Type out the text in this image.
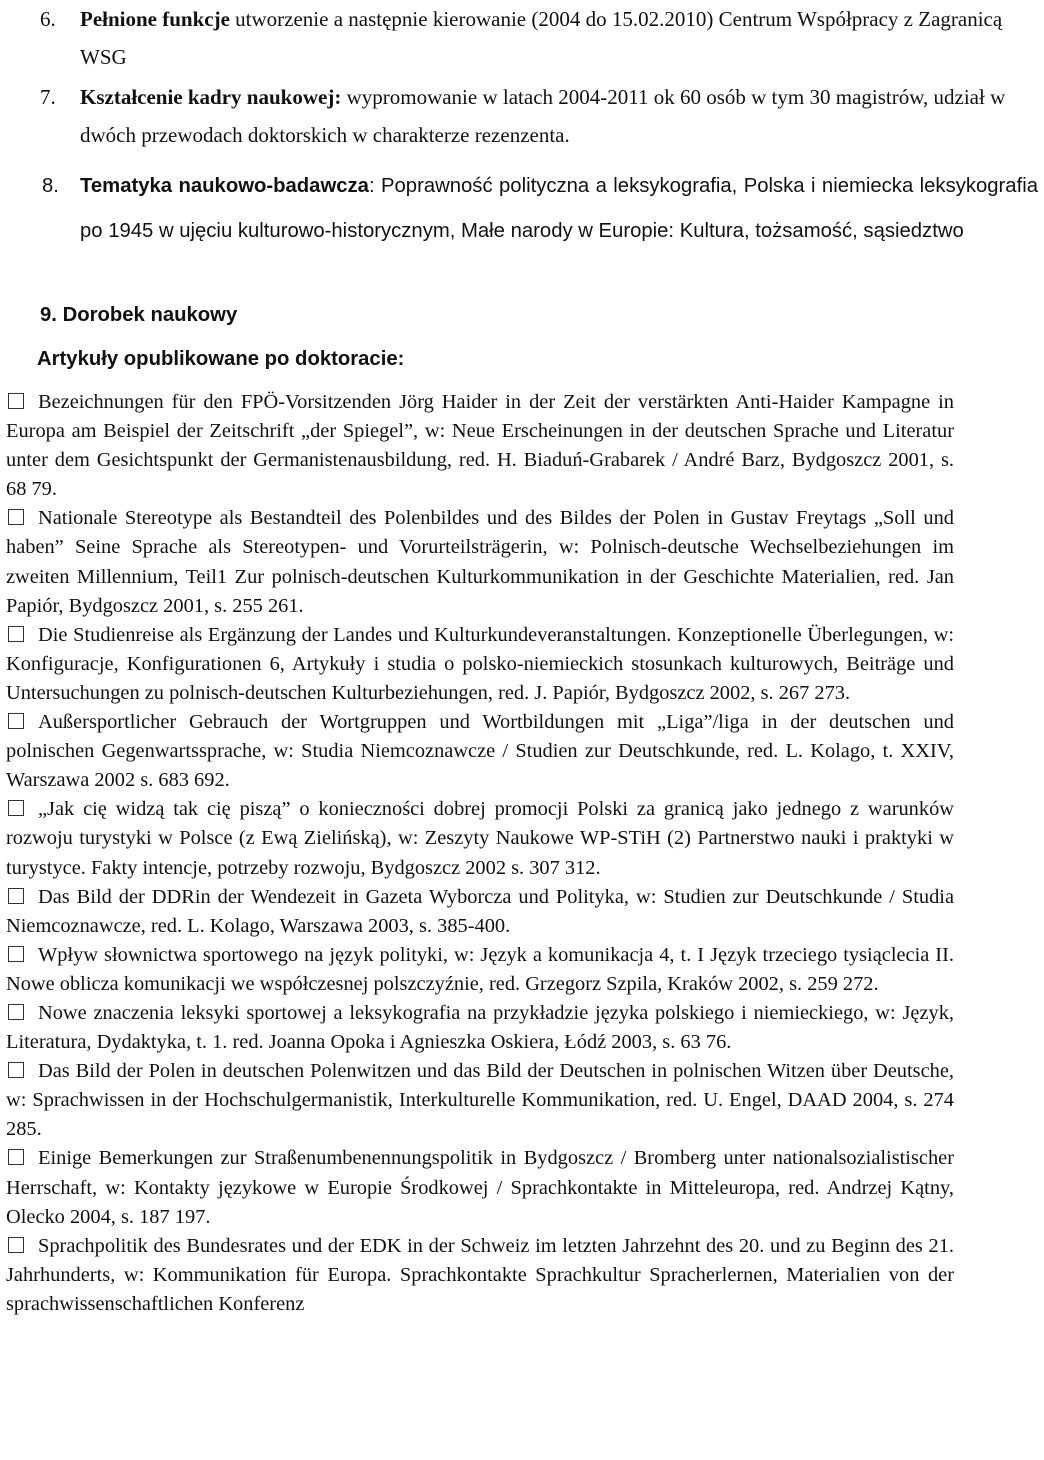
6. Pełnione funkcje utworzenie a następnie kierowanie (2004 do 15.02.2010) Centrum Współpracy z Zagranicą WSG
7. Kształcenie kadry naukowej: wypromowanie w latach 2004-2011 ok 60 osób w tym 30 magistrów, udział w dwóch przewodach doktorskich w charakterze rezenzenta.
8. Tematyka naukowo-badawcza: Poprawność polityczna a leksykografia, Polska i niemiecka leksykografia po 1945 w ujęciu kulturowo-historycznym, Małe narody w Europie: Kultura, tożsamość, sąsiedztwo
9. Dorobek naukowy
Artykuły opublikowane po doktoracie:

Bezeichnungen für den FPÖ-Vorsitzenden Jörg Haider in der Zeit der verstärkten Anti-Haider Kampagne in Europa am Beispiel der Zeitschrift „der Spiegel”, w: Neue Erscheinungen in der deutschen Sprache und Literatur unter dem Gesichtspunkt der Germanistenausbildung, red. H. Biaduń-Grabarek / André Barz, Bydgoszcz 2001, s. 68 79.

Nationale Stereotype als Bestandteil des Polenbildes und des Bildes der Polen in Gustav Freytags „Soll und haben” Seine Sprache als Stereotypen- und Vorurteilsträgerin, w: Polnisch-deutsche Wechselbeziehungen im zweiten Millennium, Teil1 Zur polnisch-deutschen Kulturkommunikation in der Geschichte Materialien, red. Jan Papiór, Bydgoszcz 2001, s. 255 261.

Die Studienreise als Ergänzung der Landes und Kulturkundeveranstaltungen. Konzeptionelle Überlegungen, w: Konfiguracje, Konfigurationen 6, Artykuły i studia o polsko-niemieckich stosunkach kulturowych, Beiträge und Untersuchungen zu polnisch-deutschen Kulturbeziehungen, red. J. Papiór, Bydgoszcz 2002, s. 267 273.

Außersportlicher Gebrauch der Wortgruppen und Wortbildungen mit „Liga”/liga in der deutschen und polnischen Gegenwartssprache, w: Studia Niemcoznawcze / Studien zur Deutschkunde, red. L. Kolago, t. XXIV, Warszawa 2002 s. 683 692.

„Jak cię widzą tak cię piszą” o konieczności dobrej promocji Polski za granicą jako jednego z warunków rozwoju turystyki w Polsce (z Ewą Zielińską), w: Zeszyty Naukowe WP-STiH (2) Partnerstwo nauki i praktyki w turystyce. Fakty intencje, potrzeby rozwoju, Bydgoszcz 2002 s. 307 312.

Das Bild der DDRin der Wendezeit in Gazeta Wyborcza und Polityka, w: Studien zur Deutschkunde / Studia Niemcoznawcze, red. L. Kolago, Warszawa 2003, s. 385-400.

Wpływ słownictwa sportowego na język polityki, w: Język a komunikacja 4, t. I Język trzeciego tysiąclecia II. Nowe oblicza komunikacji we współczesnej polszczyźnie, red. Grzegorz Szpila, Kraków 2002, s. 259 272.

Nowe znaczenia leksyki sportowej a leksykografia na przykładzie języka polskiego i niemieckiego, w: Język, Literatura, Dydaktyka, t. 1. red. Joanna Opoka i Agnieszka Oskiera, Łódź 2003, s. 63 76.

Das Bild der Polen in deutschen Polenwitzen und das Bild der Deutschen in polnischen Witzen über Deutsche, w: Sprachwissen in der Hochschulgermanistik, Interkulturelle Kommunikation, red. U. Engel, DAAD 2004, s. 274 285.

Einige Bemerkungen zur Straßenumbenennungspolitik in Bydgoszcz / Bromberg unter nationalsozialistischer Herrschaft, w: Kontakty językowe w Europie Środkowej / Sprachkontakte in Mitteleuropa, red. Andrzej Kątny, Olecko 2004, s. 187 197.

Sprachpolitik des Bundesrates und der EDK in der Schweiz im letzten Jahrzehnt des 20. und zu Beginn des 21. Jahrhunderts, w: Kommunikation für Europa. Sprachkontakte Sprachkultur Spracherlernen, Materialien von der sprachwissenschaftlichen Konferenz
